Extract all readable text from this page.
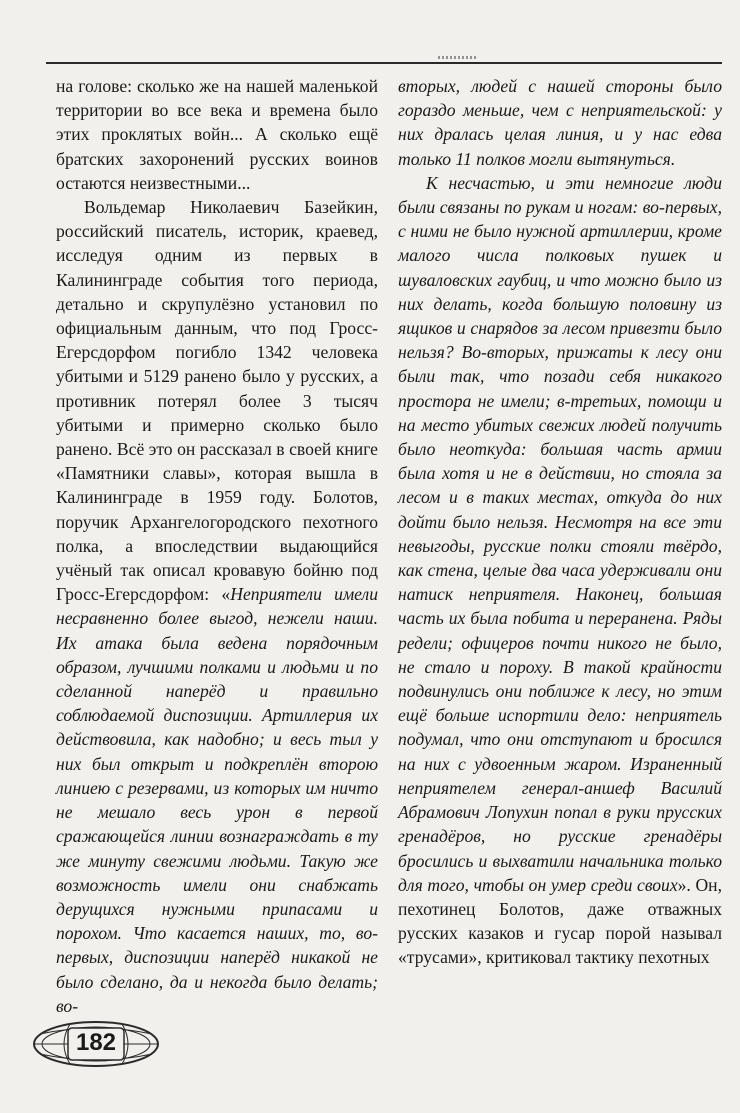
на голове: сколько же на нашей маленькой территории во все века и времена было этих проклятых войн... А сколько ещё братских захоронений русских воинов остаются неизвестными...

Вольдемар Николаевич Базейкин, российский писатель, историк, краевед, исследуя одним из первых в Калининграде события того периода, детально и скрупулёзно установил по официальным данным, что под Гросс-Егерсдорфом погибло 1342 человека убитыми и 5129 ранено было у русских, а противник потерял более 3 тысяч убитыми и примерно сколько было ранено. Всё это он рассказал в своей книге «Памятники славы», которая вышла в Калининграде в 1959 году. Болотов, поручик Архангелогородского пехотного полка, а впоследствии выдающийся учёный так описал кровавую бойню под Гросс-Егерсдорфом: «Неприятели имели несравненно более выгод, нежели наши. Их атака была ведена порядочным образом, лучшими полками и людьми и по сделанной наперёд и правильно соблюдаемой диспозиции. Артиллерия их действовила, как надобно; и весь тыл у них был открыт и подкреплён второю линиею с резервами, из которых им ничто не мешало весь урон в первой сражающейся линии вознаграждать в ту же минуту свежими людьми. Такую же возможность имели они снабжать дерущихся нужными припасами и порохом. Что касается наших, то, во-первых, диспозиции наперёд никакой не было сделано, да и некогда было делать; во-

вторых, людей с нашей стороны было гораздо меньше, чем с неприятельской: у них дралась целая линия, и у нас едва только 11 полков могли вытянуться.

К несчастью, и эти немногие люди были связаны по рукам и ногам: во-первых, с ними не было нужной артиллерии, кроме малого числа полковых пушек и шуваловских гаубиц, и что можно было из них делать, когда большую половину из ящиков и снарядов за лесом привезти было нельзя? Во-вторых, прижаты к лесу они были так, что позади себя никакого простора не имели; в-третьих, помощи и на место убитых свежих людей получить было неоткуда: большая часть армии была хотя и не в действии, но стояла за лесом и в таких местах, откуда до них дойти было нельзя. Несмотря на все эти невыгоды, русские полки стояли твёрдо, как стена, целые два часа удерживали они натиск неприятеля. Наконец, большая часть их была побита и переранена. Ряды редели; офицеров почти никого не было, не стало и пороху. В такой крайности подвинулись они поближе к лесу, но этим ещё больше испортили дело: неприятель подумал, что они отступают и бросился на них с удвоенным жаром. Израненный неприятелем генерал-аншеф Василий Абрамович Лопухин попал в руки прусских гренадёров, но русские гренадёры бросились и выхватили начальника только для того, чтобы он умер среди своих». Он, пехотинец Болотов, даже отважных русских казаков и гусар порой называл «трусами», критиковал тактику пехотных

182
